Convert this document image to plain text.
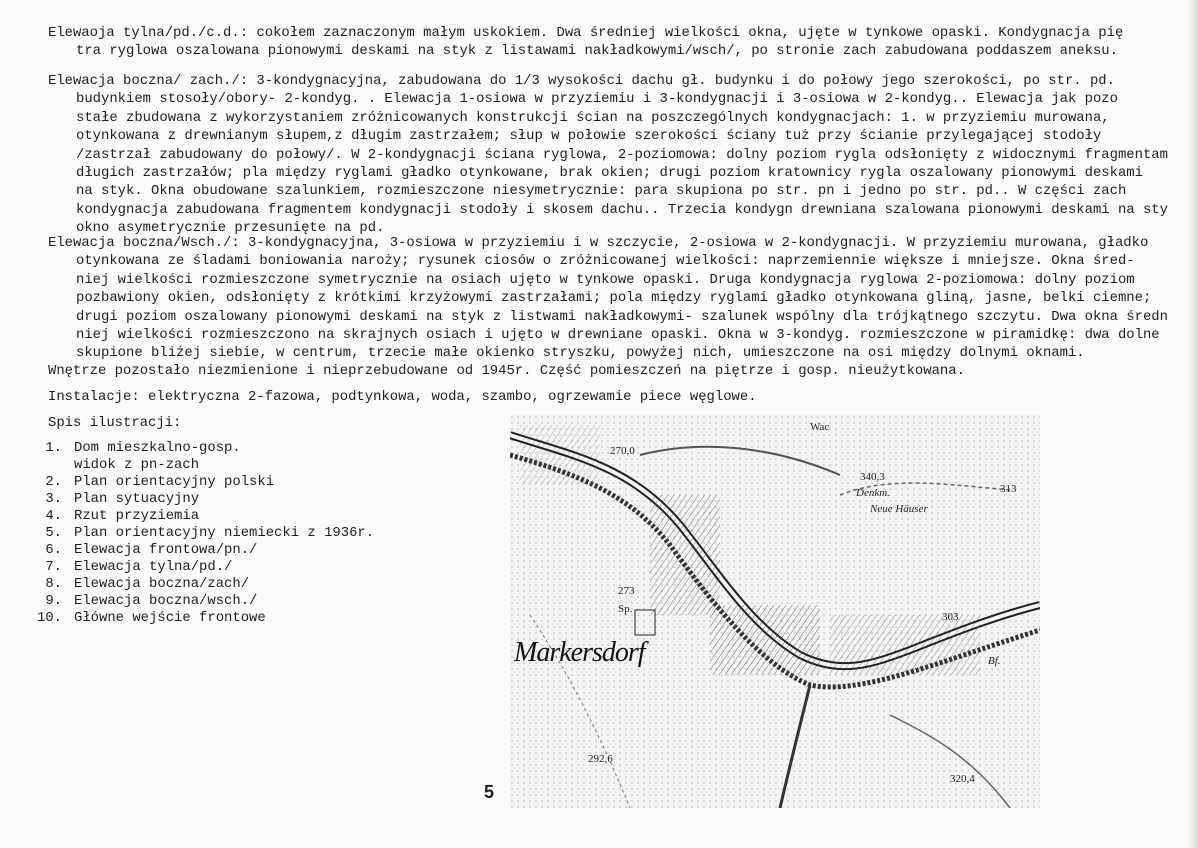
Elewaoja tylna/pd./c.d.: cokołem zaznaczonym małym uskokiem. Dwa średniej wielkości okna, ujęte w tynkowe opaski. Kondygnacja pię
tra ryglowa oszalowana pionowymi deskami na styk z listawami nakładkowymi/wsch/, po stronie zach zabudowana poddaszem aneksu.
Elewacja boczna/ zach./: 3-kondygnacyjna, zabudowana do 1/3 wysokości dachu gł. budynku i do połowy jego szerokości, po str. pd.
budynkiem stosoły/obory- 2-kondyg. . Elewacja 1-osiowa w przyziemiu i 3-kondygnacji i 3-osiowa w 2-kondyg.. Elewacja jak pozo
stałe zbudowana z wykorzystaniem zróżnicowanych konstrukcji ścian na poszczególnych kondygnacjach: 1. w przyziemiu murowana,
otynkowana z drewnianym słupem,z długim zastrzałem; słup w połowie szerokości ściany tuż przy ścianie przylegającej stodoły
/zastrzał zabudowany do połowy/. W 2-kondygnacji ściana ryglowa, 2-poziomowa: dolny poziom rygla odsłonięty z widocznymi fragmentam
długich zastrzałów; pla między ryglami gładko otynkowane, brak okien; drugi poziom kratownicy rygla oszalowany pionowymi deskami
na styk. Okna obudowane szalunkiem, rozmieszczone niesymetrycznie: para skupiona po str. pn i jedno po str. pd.. W części zach
kondygnacja zabudowana fragmentem kondygnacji stodoły i skosem dachu.. Trzecia kondygn drewniana szalowana pionowymi deskami na sty
okno asymetrycznie przesunięte na pd.
Elewacja boczna/Wsch./: 3-kondygnacyjna, 3-osiowa w przyziemiu i w szczycie, 2-osiowa w 2-kondygnacji. W przyziemiu murowana, gładko
otynkowana ze śladami boniowania naroży; rysunek ciosów o zróżnicowanej wielkości: naprzemiennie większe i mniejsze. Okna śred-
niej wielkości rozmieszczone symetrycznie na osiach ujęto w tynkowe opaski. Druga kondygnacja ryglowa 2-poziomowa: dolny poziom
pozbawiony okien, odsłonięty z krótkimi krzyżowymi zastrzałami; pola między ryglami gładko otynkowana gliną, jasne, belki ciemne;
drugi poziom oszalowany pionowymi deskami na styk z listwami nakładkowymi- szalunek wspólny dla trójkątnego szczytu. Dwa okna średn
niej wielkości rozmieszczono na skrajnych osiach i ujęto w drewniane opaski. Okna w 3-kondyg. rozmieszczone w piramidkę: dwa dolne
skupione bliżej siebie, w centrum, trzecie małe okienko stryszku, powyżej nich, umieszczone na osi między dolnymi oknami.
Wnętrze pozostało niezmienione i nieprzebudowane od 1945r. Część pomieszczeń na piętrze i gosp. nieużytkowana.
Instalacje: elektryczna 2-fazowa, podtynkowa, woda, szambo, ogrzewamie piece węglowe.
Spis ilustracji:
1. Dom mieszkalno-gosp.
widok z pn-zach
2. Plan orientacyjny polski
3. Plan sytuacyjny
4. Rzut przyziemia
5. Plan orientacyjny niemiecki z 1936r.
6. Elewacja frontowa/pn./
7. Elewacja tylna/pd./
8. Elewacja boczna/zach/
9. Elewacja boczna/wsch./
10. Główne wejście frontowe
Wac
270,0
340,3
Denkm.
Neue Häuser
313
273
Sp.
303
Bf.
292,6
320,4
Markersdorf
5
